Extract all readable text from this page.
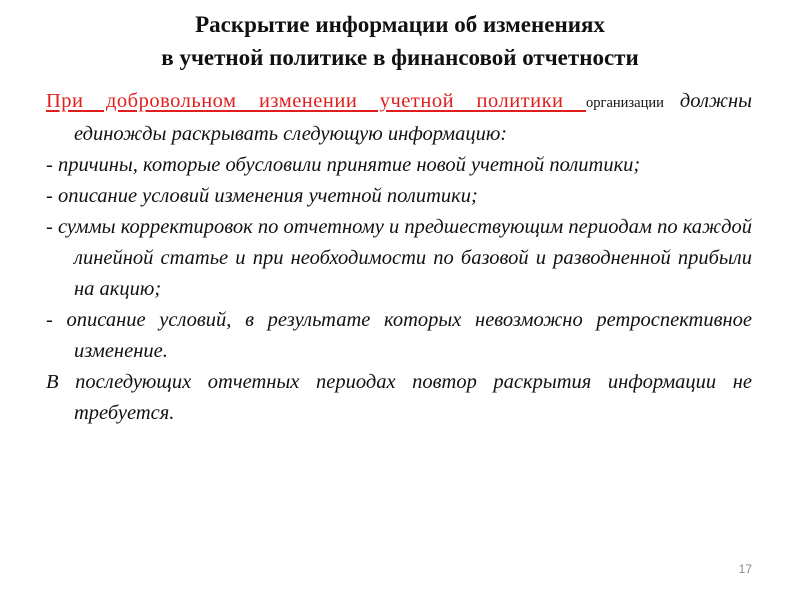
Раскрытие информации об изменениях
в учетной политике в финансовой отчетности
При добровольном изменении учетной политики организации должны единожды раскрывать следующую информацию:
- причины, которые обусловили принятие новой учетной политики;
- описание условий изменения учетной политики;
- суммы корректировок по отчетному и предшествующим периодам по каждой линейной статье и при необходимости по базовой и разводненной прибыли на акцию;
- описание условий, в результате которых невозможно ретроспективное изменение.
В последующих отчетных периодах повтор раскрытия информации не требуется.
17
